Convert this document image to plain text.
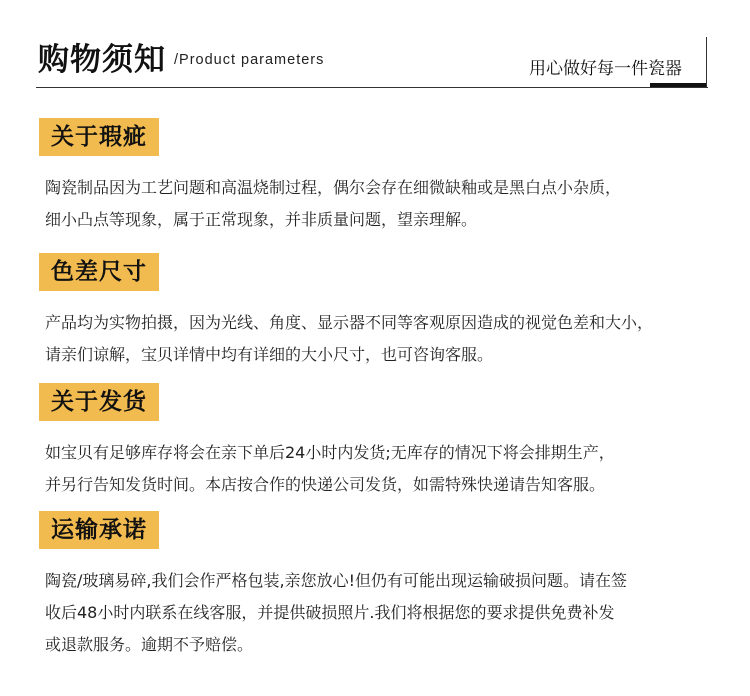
购物须知 /Product parameters	用心做好每一件瓷器
关于瑕疵
陶瓷制品因为工艺问题和高温烧制过程，偶尔会存在细微缺釉或是黑白点小杂质，
细小凸点等现象，属于正常现象，并非质量问题，望亲理解。
色差尺寸
产品均为实物拍摄，因为光线、角度、显示器不同等客观原因造成的视觉色差和大小，
请亲们谅解，宝贝详情中均有详细的大小尺寸，也可咨询客服。
关于发货
如宝贝有足够库存将会在亲下单后24小时内发货;无库存的情况下将会排期生产，
并另行告知发货时间。本店按合作的快递公司发货，如需特殊快递请告知客服。
运输承诺
陶瓷/玻璃易碎,我们会作严格包装,亲您放心!但仍有可能出现运输破损问题。请在签
收后48小时内联系在线客服，并提供破损照片.我们将根据您的要求提供免费补发
或退款服务。逾期不予赔偿。
